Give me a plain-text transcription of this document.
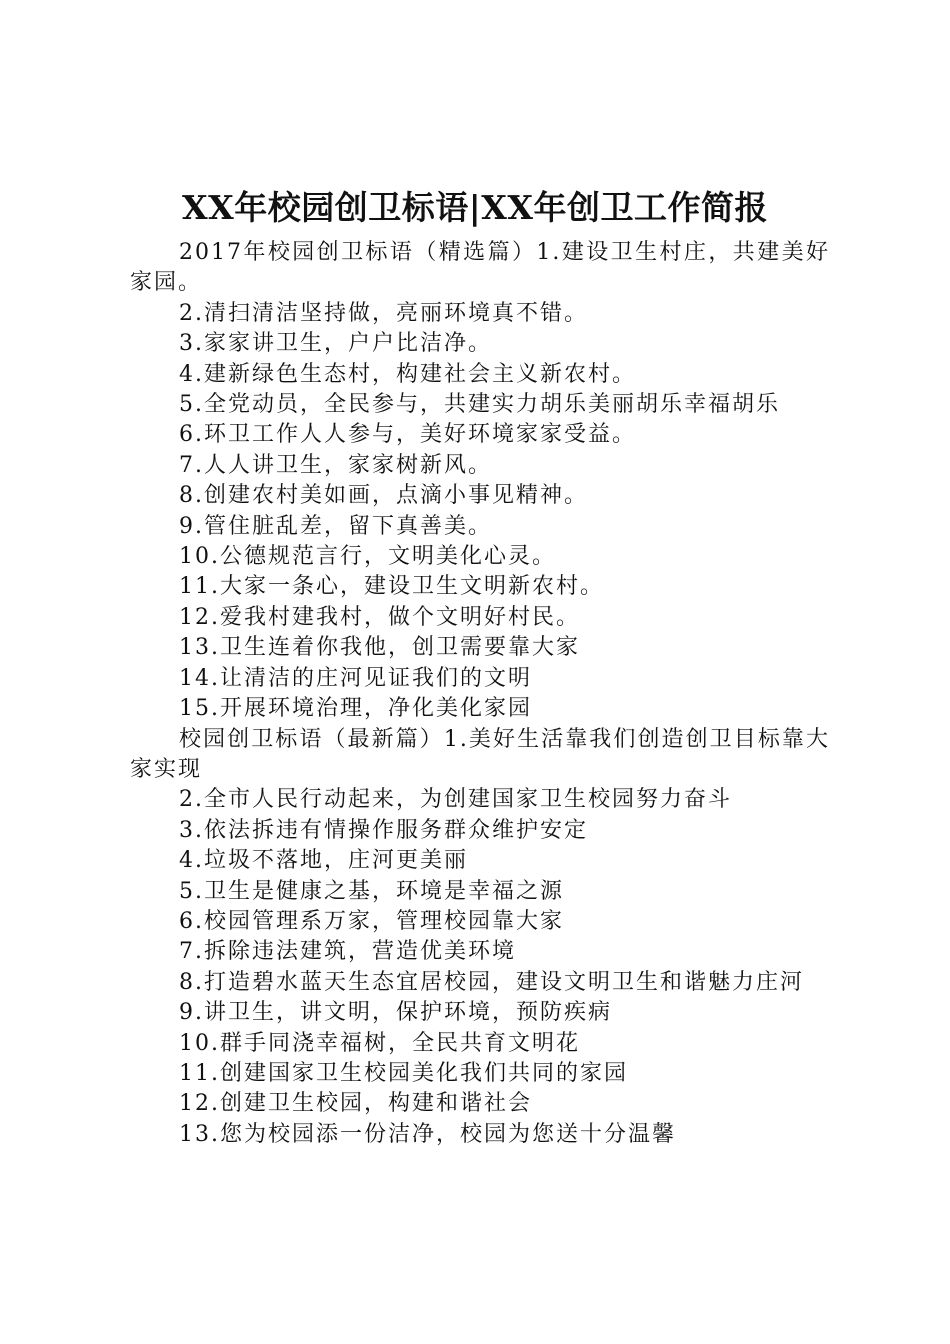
XX年校园创卫标语|XX年创卫工作简报

2017年校园创卫标语（精选篇）1.建设卫生村庄，共建美好家园。

2.清扫清洁坚持做，亮丽环境真不错。

3.家家讲卫生，户户比洁净。

4.建新绿色生态村，构建社会主义新农村。

5.全党动员，全民参与，共建实力胡乐美丽胡乐幸福胡乐

6.环卫工作人人参与，美好环境家家受益。

7.人人讲卫生，家家树新风。

8.创建农村美如画，点滴小事见精神。

9.管住脏乱差，留下真善美。

10.公德规范言行，文明美化心灵。

11.大家一条心，建设卫生文明新农村。

12.爱我村建我村，做个文明好村民。

13.卫生连着你我他，创卫需要靠大家

14.让清洁的庄河见证我们的文明

15.开展环境治理，净化美化家园

校园创卫标语（最新篇）1.美好生活靠我们创造创卫目标靠大家实现

2.全市人民行动起来，为创建国家卫生校园努力奋斗

3.依法拆违有情操作服务群众维护安定

4.垃圾不落地，庄河更美丽

5.卫生是健康之基，环境是幸福之源

6.校园管理系万家，管理校园靠大家

7.拆除违法建筑，营造优美环境

8.打造碧水蓝天生态宜居校园，建设文明卫生和谐魅力庄河

9.讲卫生，讲文明，保护环境，预防疾病

10.群手同浇幸福树，全民共育文明花

11.创建国家卫生校园美化我们共同的家园

12.创建卫生校园，构建和谐社会

13.您为校园添一份洁净，校园为您送十分温馨
